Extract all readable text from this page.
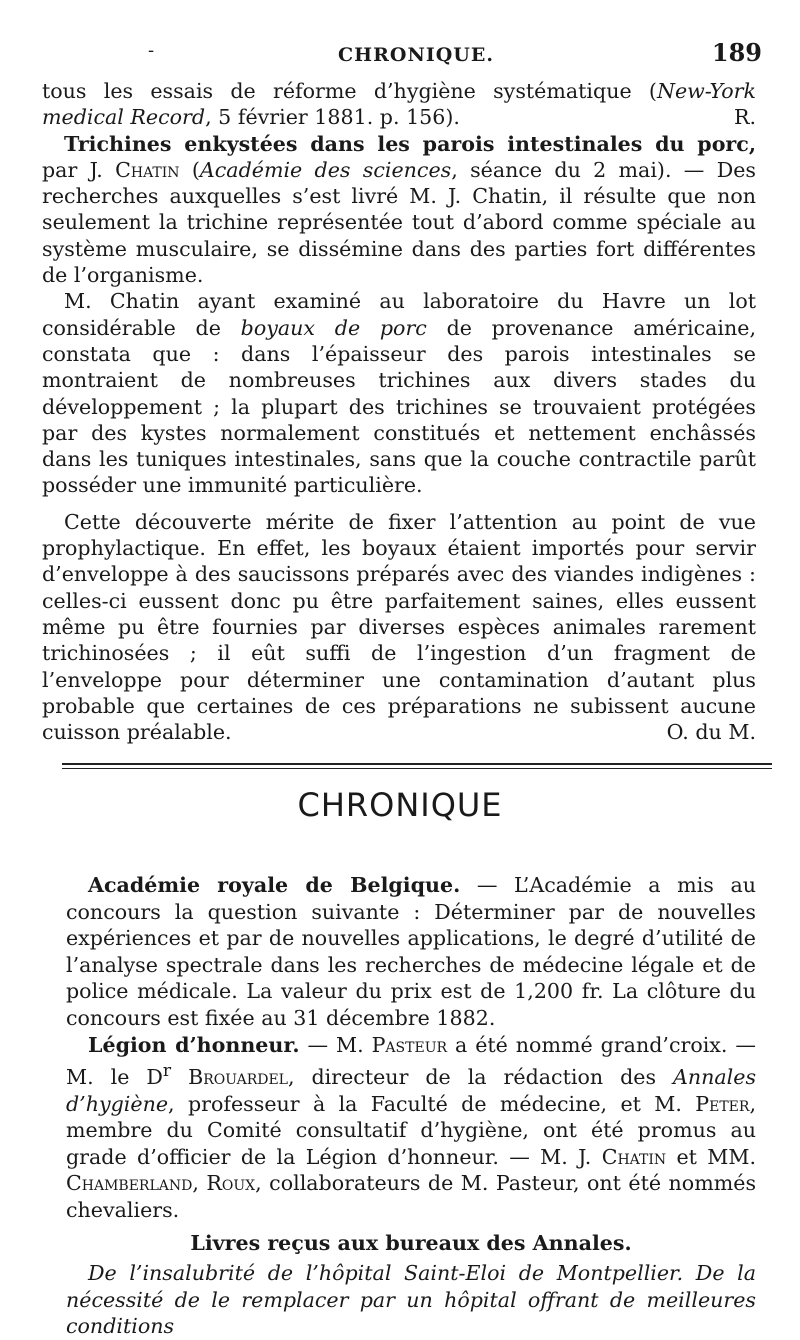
-	CHRONIQUE.	189

tous les essais de réforme d’hygiène systématique (New-York medical Record, 5 février 1881. p. 156).	R.

Trichines enkystées dans les parois intestinales du porc, par J. Chatin (Académie des sciences, séance du 2 mai). — Des recherches auxquelles s’est livré M. J. Chatin, il résulte que non seulement la trichine représentée tout d’abord comme spéciale au système musculaire, se dissémine dans des parties fort différentes de l’organisme.

M. Chatin ayant examiné au laboratoire du Havre un lot considérable de boyaux de porc de provenance américaine, constata que : dans l’épaisseur des parois intestinales se montraient de nombreuses trichines aux divers stades du développement ; la plupart des trichines se trouvaient protégées par des kystes normalement constitués et nettement enchâssés dans les tuniques intestinales, sans que la couche contractile parût posséder une immunité particulière.

Cette découverte mérite de fixer l’attention au point de vue prophylactique. En effet, les boyaux étaient importés pour servir d’enveloppe à des saucissons préparés avec des viandes indigènes : celles-ci eussent donc pu être parfaitement saines, elles eussent même pu être fournies par diverses espèces animales rarement trichinosées ; il eût suffi de l’ingestion d’un fragment de l’enveloppe pour déterminer une contamination d’autant plus probable que certaines de ces préparations ne subissent aucune cuisson préalable.	O. du M.

CHRONIQUE

Académie royale de Belgique. — L’Académie a mis au concours la question suivante : Déterminer par de nouvelles expériences et par de nouvelles applications, le degré d’utilité de l’analyse spectrale dans les recherches de médecine légale et de police médicale. La valeur du prix est de 1,200 fr. La clôture du concours est fixée au 31 décembre 1882.

Légion d’honneur. — M. Pasteur a été nommé grand’croix. — M. le $D^r$ Brouardel, directeur de la rédaction des Annales d’hygiène, professeur à la Faculté de médecine, et M. Peter, membre du Comité consultatif d’hygiène, ont été promus au grade d’officier de la Légion d’honneur. — M. J. Chatin et MM. Chamberland, Roux, collaborateurs de M. Pasteur, ont été nommés chevaliers.

Livres reçus aux bureaux des Annales.

De l’insalubrité de l’hôpital Saint-Eloi de Montpellier. De la nécessité de le remplacer par un hôpital offrant de meilleures conditions
